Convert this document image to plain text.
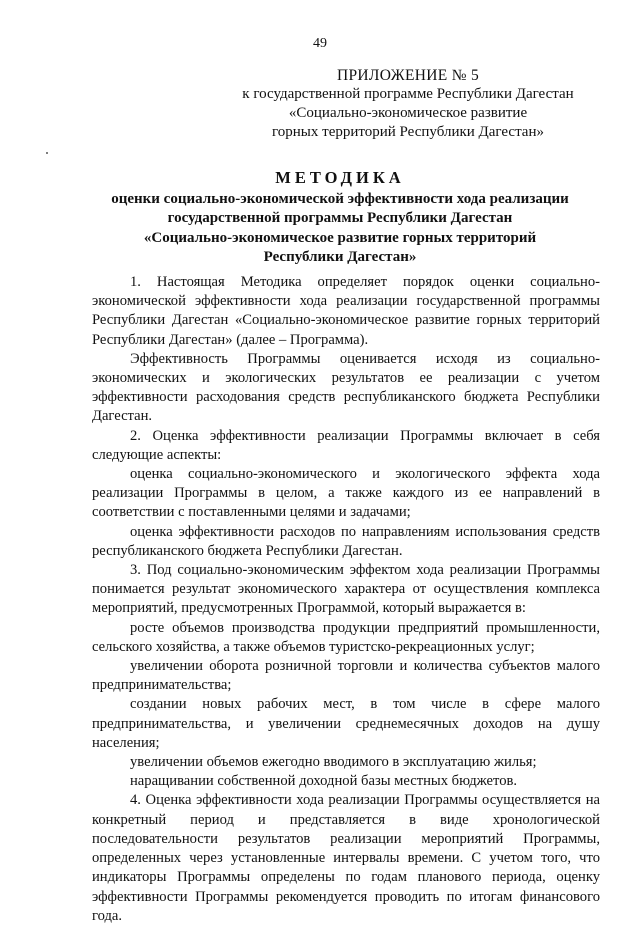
49
ПРИЛОЖЕНИЕ № 5
к государственной программе Республики Дагестан
«Социально-экономическое развитие
горных территорий Республики Дагестан»
МЕТОДИКА
оценки социально-экономической эффективности хода реализации
государственной программы Республики Дагестан
«Социально-экономическое развитие горных территорий
Республики Дагестан»

1. Настоящая Методика определяет порядок оценки социально-экономической эффективности хода реализации государственной программы Республики Дагестан «Социально-экономическое развитие горных территорий Республики Дагестан» (далее – Программа).

Эффективность Программы оценивается исходя из социально-экономических и экологических результатов ее реализации с учетом эффективности расходования средств республиканского бюджета Республики Дагестан.

2. Оценка эффективности реализации Программы включает в себя следующие аспекты:

оценка социально-экономического и экологического эффекта хода реализации Программы в целом, а также каждого из ее направлений в соответствии с поставленными целями и задачами;

оценка эффективности расходов по направлениям использования средств республиканского бюджета Республики Дагестан.

3. Под социально-экономическим эффектом хода реализации Программы понимается результат экономического характера от осуществления комплекса мероприятий, предусмотренных Программой, который выражается в:

росте объемов производства продукции предприятий промышленности, сельского хозяйства, а также объемов туристско-рекреационных услуг;

увеличении оборота розничной торговли и количества субъектов малого предпринимательства;

создании новых рабочих мест, в том числе в сфере малого предпринимательства, и увеличении среднемесячных доходов на душу населения;

увеличении объемов ежегодно вводимого в эксплуатацию жилья;

наращивании собственной доходной базы местных бюджетов.

4. Оценка эффективности хода реализации Программы осуществляется на конкретный период и представляется в виде хронологической последовательности результатов реализации мероприятий Программы, определенных через установленные интервалы времени. С учетом того, что индикаторы Программы определены по годам планового периода, оценку эффективности Программы рекомендуется проводить по итогам финансового года.
